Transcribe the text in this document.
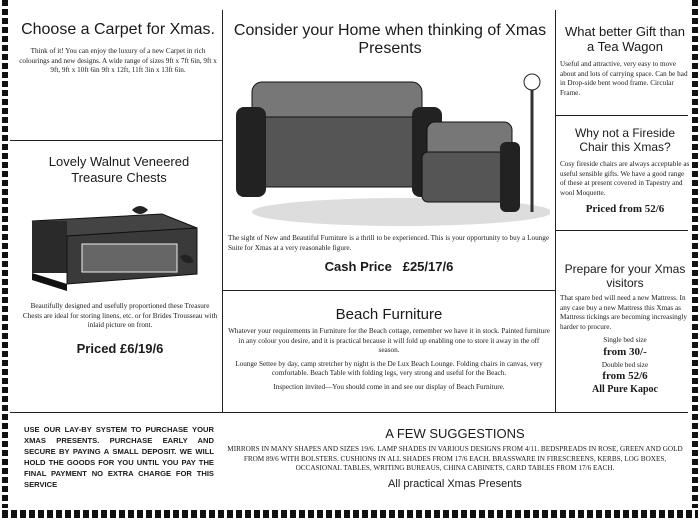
Choose a Carpet for Xmas.

Think of it! You can enjoy the luxury of a new Carpet in rich colourings and new designs. A wide range of sizes 9ft x 7ft 6in, 9ft x 9ft, 9ft x 10ft 6in 9ft x 12ft, 11ft 3in x 13ft 6in.

Lovely Walnut Veneered Treasure Chests

Beautifully designed and usefully proportioned these Treasure Chests are ideal for storing linens, etc. or for Brides Trousseau with inlaid picture on front.

Priced £6/19/6

Consider your Home when thinking of Xmas Presents

The sight of New and Beautiful Furniture is a thrill to be experienced. This is your opportunity to buy a Lounge Suite for Xmas at a very reasonable figure.

Cash Price £25/17/6

What better Gift than a Tea Wagon

Useful and attractive, very easy to move about and lots of carrying space. Can be had in Drop-side bent wood frame. Circular Frame.

Why not a Fireside Chair this Xmas?

Cosy fireside chairs are always acceptable as useful sensible gifts. We have a good range of these at present covered in Tapestry and wool Moquette.

Priced from 52/6

Beach Furniture

Whatever your requirements in Furniture for the Beach cottage, remember we have it in stock. Painted furniture in any colour you desire, and it is practical because it will fold up enabling one to store it away in the off season.

Lounge Settee by day, camp stretcher by night is the De Lux Beach Lounge. Folding chairs in canvas, very comfortable. Beach Table with folding legs, very strong and useful for the Beach.

Inspection invited—You should come in and see our display of Beach Furniture.

Prepare for your Xmas visitors

That spare bed will need a new Mattress. In any case buy a new Mattress this Xmas as Mattress tickings are becoming increasingly harder to procure.

Single bed size

from 30/-

Double bed size

from 52/6

All Pure Kapoc

USE OUR LAY-BY SYSTEM TO PURCHASE YOUR XMAS PRESENTS. PURCHASE EARLY AND SECURE BY PAYING A SMALL DEPOSIT. WE WILL HOLD THE GOODS FOR YOU UNTIL YOU PAY THE FINAL PAYMENT NO EXTRA CHARGE FOR THIS SERVICE

A FEW SUGGESTIONS

MIRRORS IN MANY SHAPES AND SIZES 19/6. LAMP SHADES IN VARIOUS DESIGNS FROM 4/11. BEDSPREADS IN ROSE, GREEN AND GOLD FROM 89/6 WITH BOLSTERS. CUSHIONS IN ALL SHADES FROM 17/6 EACH. BRASSWARE IN FIRESCREENS, KERBS, LOG BOXES, OCCASIONAL TABLES, WRITING BUREAUS, CHINA CABINETS, CARD TABLES FROM 17/6 EACH.

All practical Xmas Presents
